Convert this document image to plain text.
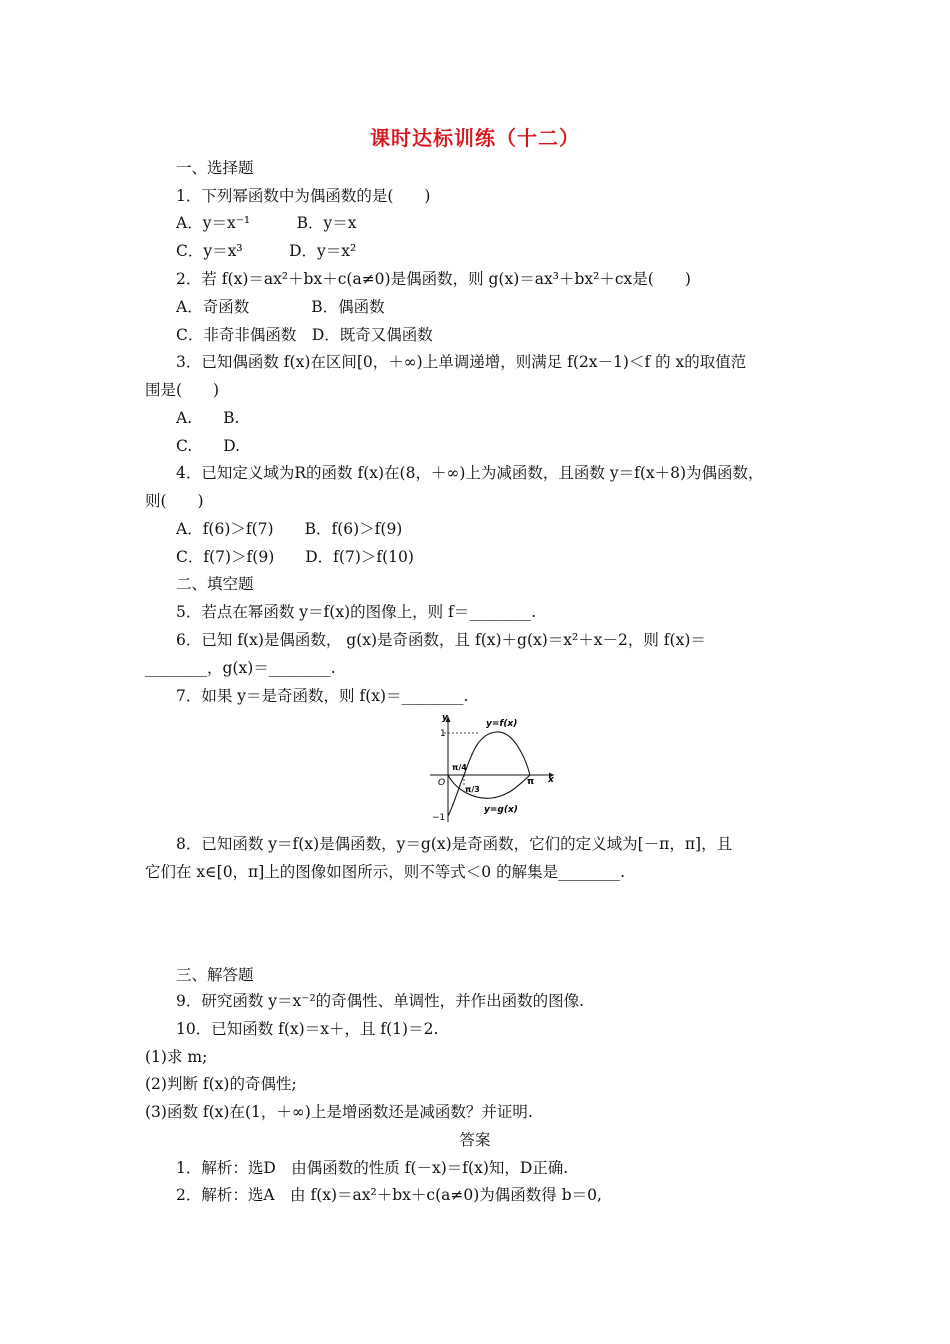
课时达标训练（十二）
一、选择题
1．下列幂函数中为偶函数的是(　　)
A．y＝x⁻¹　　　B．y＝x
C．y＝x³　　　D．y＝x²
2．若 f(x)＝ax²＋bx＋c(a≠0)是偶函数，则 g(x)＝ax³＋bx²＋cx是(　　)
A．奇函数　　　　B．偶函数
C．非奇非偶函数　D．既奇又偶函数
3．已知偶函数 f(x)在区间[0，＋∞)上单调递增，则满足 f(2x－1)＜f 的 x的取值范
围是(　　)
A.　　B.
C.　　D.
4．已知定义域为R的函数 f(x)在(8，＋∞)上为减函数，且函数 y＝f(x＋8)为偶函数，
则(　　)
A．f(6)＞f(7)　　B．f(6)＞f(9)
C．f(7)＞f(9)　　D．f(7)＞f(10)
二、填空题
5．若点在幂函数 y＝f(x)的图像上，则 f＝________.
6．已知 f(x)是偶函数， g(x)是奇函数，且 f(x)＋g(x)＝x²＋x－2，则 f(x)＝
________，g(x)＝________.
7．如果 y＝是奇函数，则 f(x)＝________.
y
x
O
1
−1
π/4
π/3
π
y=f(x)
y=g(x)
8．已知函数 y＝f(x)是偶函数，y＝g(x)是奇函数，它们的定义域为[－π，π]，且
它们在 x∈[0，π]上的图像如图所示，则不等式＜0 的解集是________.
三、解答题
9．研究函数 y＝x⁻²的奇偶性、单调性，并作出函数的图像.
10．已知函数 f(x)＝x＋，且 f(1)＝2.
(1)求 m;
(2)判断 f(x)的奇偶性;
(3)函数 f(x)在(1，＋∞)上是增函数还是减函数？并证明.
答案
1．解析：选D　由偶函数的性质 f(－x)＝f(x)知，D正确.
2．解析：选A　由 f(x)＝ax²＋bx＋c(a≠0)为偶函数得 b＝0,
